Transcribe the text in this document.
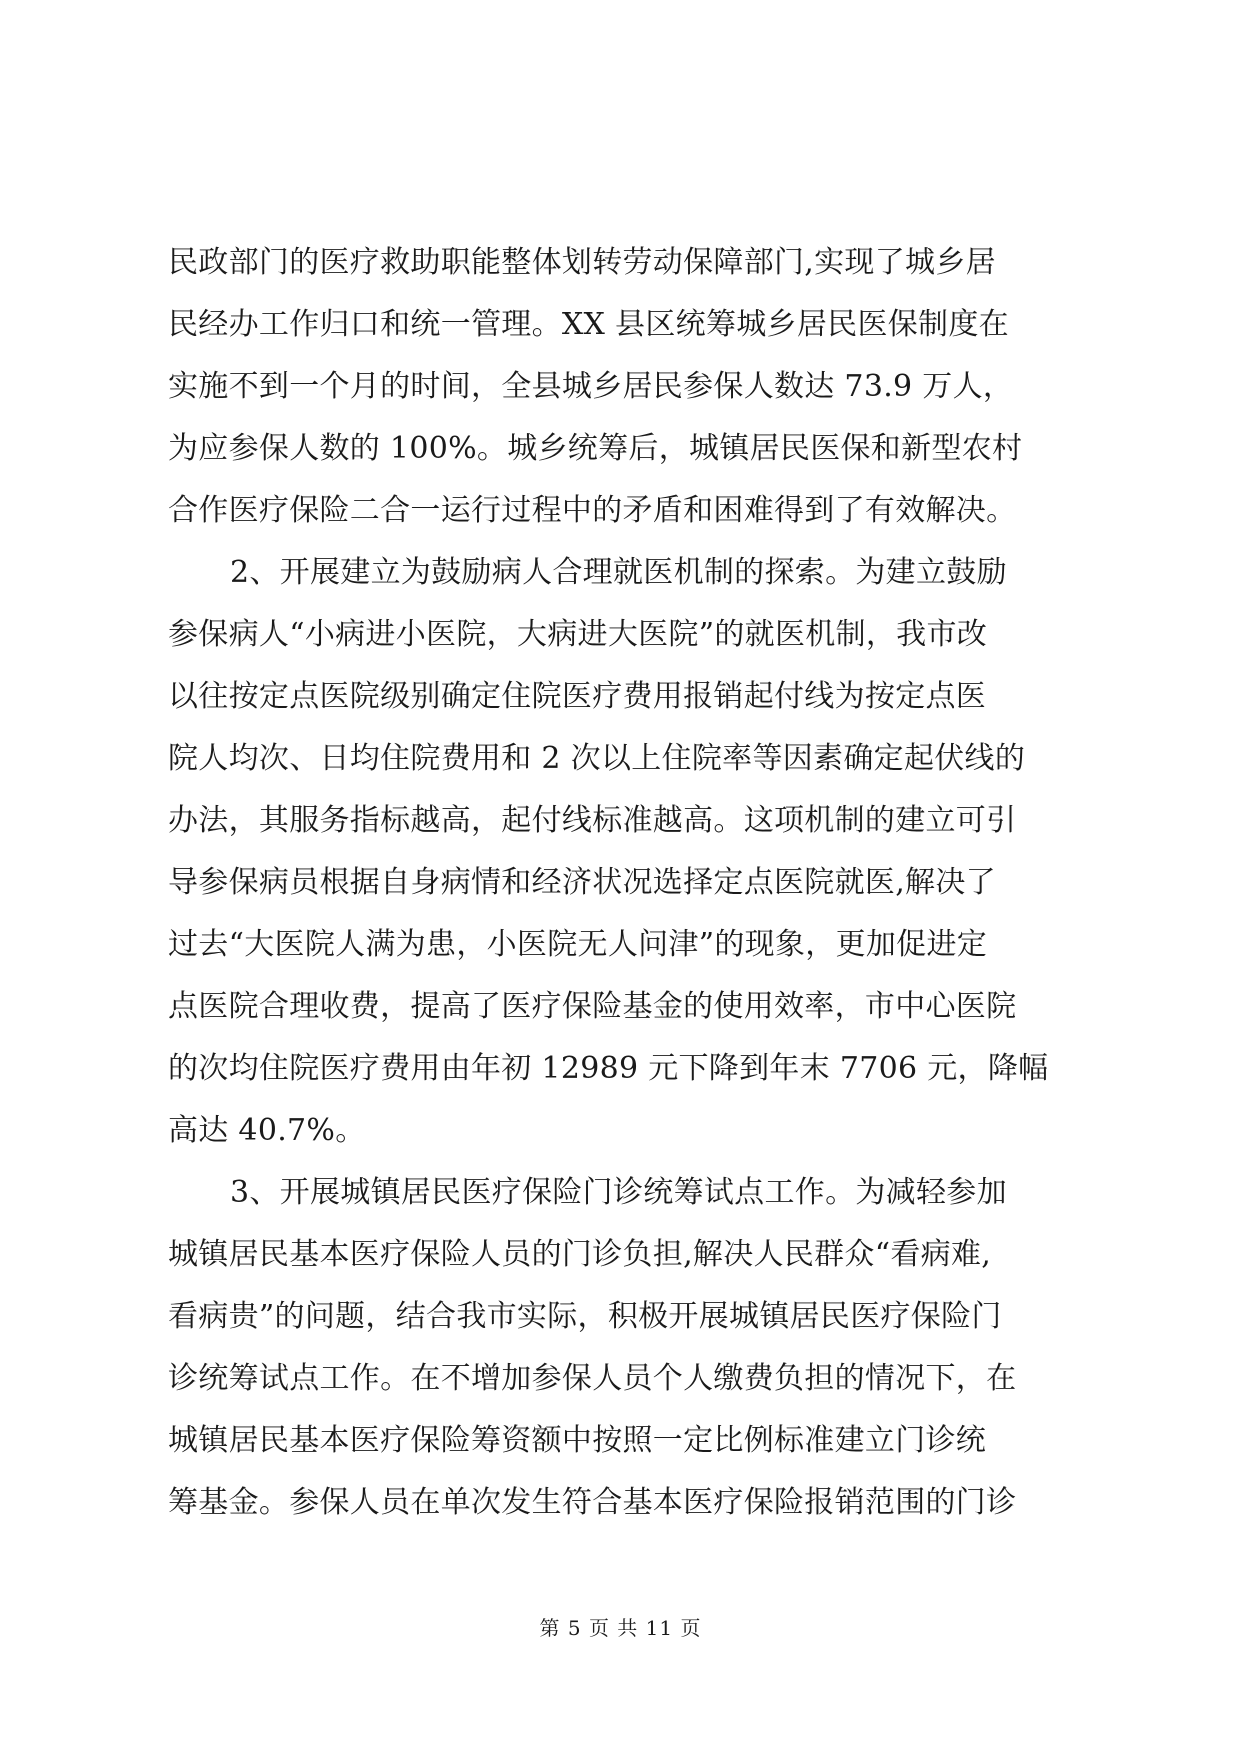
民政部门的医疗救助职能整体划转劳动保障部门,实现了城乡居
民经办工作归口和统一管理。XX 县区统筹城乡居民医保制度在
实施不到一个月的时间，全县城乡居民参保人数达 73.9 万人，
为应参保人数的 100%。城乡统筹后，城镇居民医保和新型农村
合作医疗保险二合一运行过程中的矛盾和困难得到了有效解决。
2、开展建立为鼓励病人合理就医机制的探索。为建立鼓励
参保病人“小病进小医院，大病进大医院”的就医机制，我市改
以往按定点医院级别确定住院医疗费用报销起付线为按定点医
院人均次、日均住院费用和 2 次以上住院率等因素确定起伏线的
办法，其服务指标越高，起付线标准越高。这项机制的建立可引
导参保病员根据自身病情和经济状况选择定点医院就医,解决了
过去“大医院人满为患，小医院无人问津”的现象，更加促进定
点医院合理收费，提高了医疗保险基金的使用效率，市中心医院
的次均住院医疗费用由年初 12989 元下降到年末 7706 元，降幅
高达 40.7%。
3、开展城镇居民医疗保险门诊统筹试点工作。为减轻参加
城镇居民基本医疗保险人员的门诊负担,解决人民群众“看病难,
看病贵”的问题，结合我市实际，积极开展城镇居民医疗保险门
诊统筹试点工作。在不增加参保人员个人缴费负担的情况下，在
城镇居民基本医疗保险筹资额中按照一定比例标准建立门诊统
筹基金。参保人员在单次发生符合基本医疗保险报销范围的门诊
第 5 页 共 11 页
